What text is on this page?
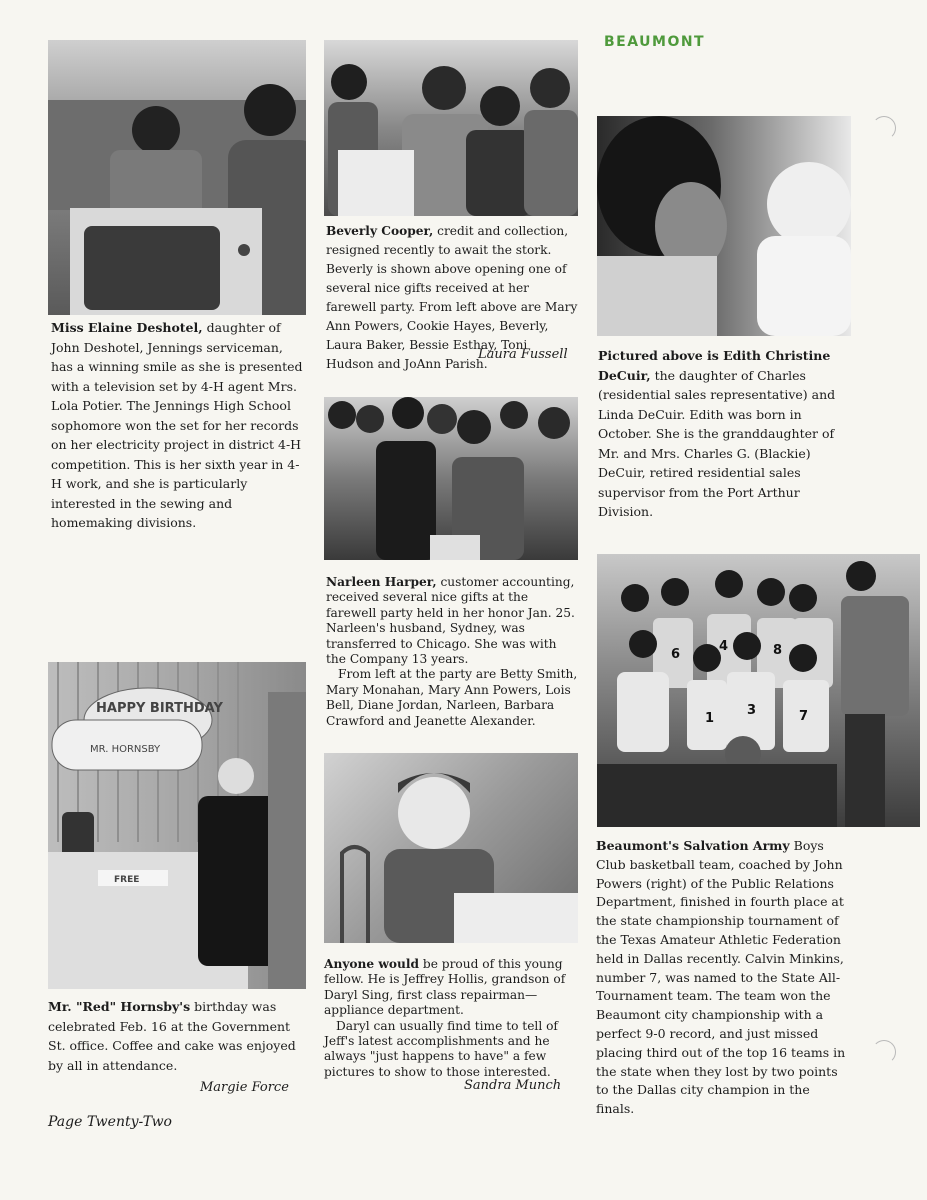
BEAUMONT

Miss Elaine Deshotel, daughter of John Deshotel, Jennings serviceman, has a winning smile as she is presented with a television set by 4-H agent Mrs. Lola Potier. The Jennings High School sophomore won the set for her records on her electricity project in district 4-H competition. This is her sixth year in 4-H work, and she is particularly interested in the sewing and homemaking divisions.

Beverly Cooper, credit and collection, resigned recently to await the stork. Beverly is shown above opening one of several nice gifts received at her farewell party. From left above are Mary Ann Powers, Cookie Hayes, Beverly, Laura Baker, Bessie Esthay, Toni Hudson and JoAnn Parish.

Laura Fussell Pictured above is Edith Christine DeCuir, the daughter of Charles (residential sales representative) and Linda DeCuir. Edith was born in October. She is the granddaughter of Mr. and Mrs. Charles G. (Blackie) DeCuir, retired residential sales supervisor from the Port Arthur Division.

Narleen Harper, customer accounting, received several nice gifts at the farewell party held in her honor Jan. 25. Narleen's husband, Sydney, was transferred to Chicago. She was with the Company 13 years.

From left at the party are Betty Smith, Mary Monahan, Mary Ann Powers, Lois Bell, Diane Jordan, Narleen, Barbara Crawford and Jeanette Alexander.

6
4	8
1
3	7

Beaumont's Salvation Army Boys Club basketball team, coached by John Powers (right) of the Public Relations Department, finished in fourth place at the state championship tournament of the Texas Amateur Athletic Federation held in Dallas recently. Calvin Minkins, number 7, was named to the State All-Tournament team. The team won the Beaumont city championship with a perfect 9-0 record, and just missed placing third out of the top 16 teams in the state when they lost by two points to the Dallas city champion in the finals.

HAPPY BIRTHDAY
MR. HORNSBY
FREE

Mr. "Red" Hornsby's birthday was celebrated Feb. 16 at the Government St. office. Coffee and cake was enjoyed by all in attendance.

Margie Force

Anyone would be proud of this young fellow. He is Jeffrey Hollis, grandson of Daryl Sing, first class repairman—appliance department.

Daryl can usually find time to tell of Jeff's latest accomplishments and he always "just happens to have" a few pictures to show to those interested.

Sandra Munch
Page Twenty-Two
